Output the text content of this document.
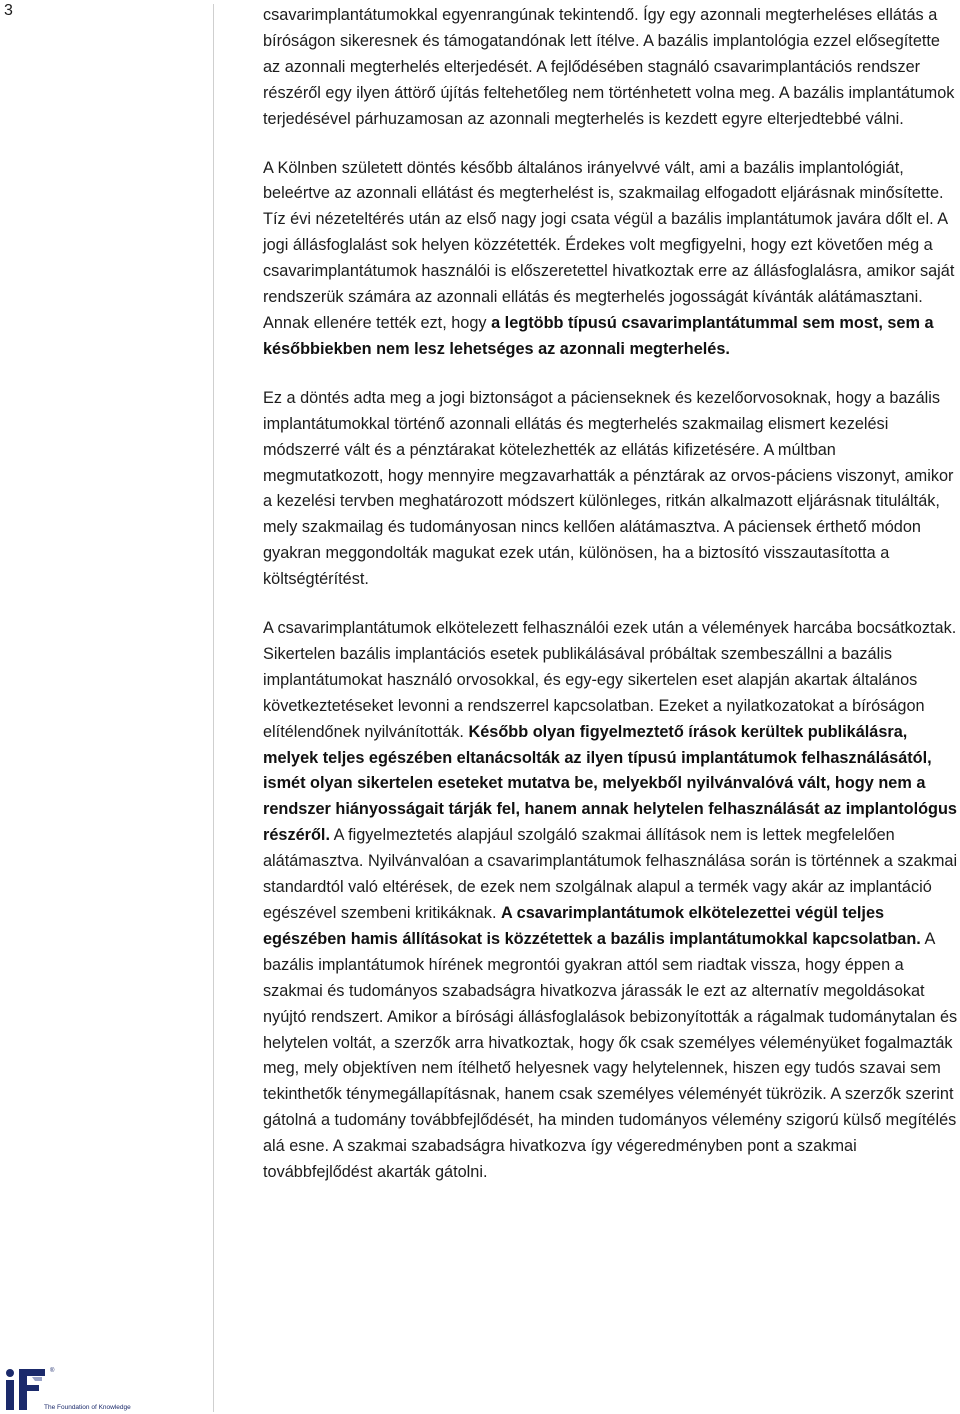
3	csavarimplantátumokkal egyenrangúnak tekintendő. Így egy azonnali megterheléses ellátás a bíróságon sikeresnek és támogatandónak lett ítélve. A bazális implantológia ezzel elősegítette az azonnali megterhelés elterjedését. A fejlődésében stagnáló csavarimplantációs rendszer részéről egy ilyen áttörő újítás feltehetőleg nem történhetett volna meg. A bazális implantátumok terjedésével párhuzamosan az azonnali megterhelés is kezdett egyre elterjedtebbé válni.

A Kölnben született döntés később általános irányelvvé vált, ami a bazális implantológiát, beleértve az azonnali ellátást és megterhelést is, szakmailag elfogadott eljárásnak minősítette. Tíz évi nézeteltérés után az első nagy jogi csata végül a bazális implantátumok javára dőlt el. A jogi állásfoglalást sok helyen közzétették. Érdekes volt megfigyelni, hogy ezt követően még a csavarimplantátumok használói is előszeretettel hivatkoztak erre az állásfoglalásra, amikor saját rendszerük számára az azonnali ellátás és megterhelés jogosságát kívánták alátámasztani. Annak ellenére tették ezt, hogy a legtöbb típusú csavarimplantátummal sem most, sem a későbbiekben nem lesz lehetséges az azonnali megterhelés.

Ez a döntés adta meg a jogi biztonságot a pácienseknek és kezelőorvosoknak, hogy a bazális implantátumokkal történő azonnali ellátás és megterhelés szakmailag elismert kezelési módszerré vált és a pénztárakat kötelezhették az ellátás kifizetésére. A múltban megmutatkozott, hogy mennyire megzavarhatták a pénztárak az orvos-páciens viszonyt, amikor a kezelési tervben meghatározott módszert különleges, ritkán alkalmazott eljárásnak titulálták, mely szakmailag és tudományosan nincs kellően alátámasztva. A páciensek érthető módon gyakran meggondolták magukat ezek után, különösen, ha a biztosító visszautasította a költségtérítést.

A csavarimplantátumok elkötelezett felhasználói ezek után a vélemények harcába bocsátkoztak. Sikertelen bazális implantációs esetek publikálásával próbáltak szembeszállni a bazális implantátumokat használó orvosokkal, és egy-egy sikertelen eset alapján akartak általános következtetéseket levonni a rendszerrel kapcsolatban. Ezeket a nyilatkozatokat a bíróságon elítélendőnek nyilvánították. Később olyan figyelmeztető írások kerültek publikálásra, melyek teljes egészében eltanácsolták az ilyen típusú implantátumok felhasználásától, ismét olyan sikertelen eseteket mutatva be, melyekből nyilvánvalóvá vált, hogy nem a rendszer hiányosságait tárják fel, hanem annak helytelen felhasználását az implantológus részéről. A figyelmeztetés alapjául szolgáló szakmai állítások nem is lettek megfelelően alátámasztva. Nyilvánvalóan a csavarimplantátumok felhasználása során is történnek a szakmai standardtól való eltérések, de ezek nem szolgálnak alapul a termék vagy akár az implantáció egészével szembeni kritikáknak. A csavarimplantátumok elkötelezettei végül teljes egészében hamis állításokat is közzétettek a bazális implantátumokkal kapcsolatban. A bazális implantátumok hírének megrontói gyakran attól sem riadtak vissza, hogy éppen a szakmai és tudományos szabadságra hivatkozva járassák le ezt az alternatív megoldásokat nyújtó rendszert. Amikor a bírósági állásfoglalások bebizonyították a rágalmak tudománytalan és helytelen voltát, a szerzők arra hivatkoztak, hogy ők csak személyes véleményüket fogalmazták meg, mely objektíven nem ítélhető helyesnek vagy helytelennek, hiszen egy tudós szavai sem tekinthetők ténymegállapításnak, hanem csak személyes véleményét tükrözik. A szerzők szerint gátolná a tudomány továbbfejlődését, ha minden tudományos vélemény szigorú külső megítélés alá esne. A szakmai szabadságra hivatkozva így végeredményben pont a szakmai továbbfejlődést akarták gátolni.

®
The Foundation of Knowledge
